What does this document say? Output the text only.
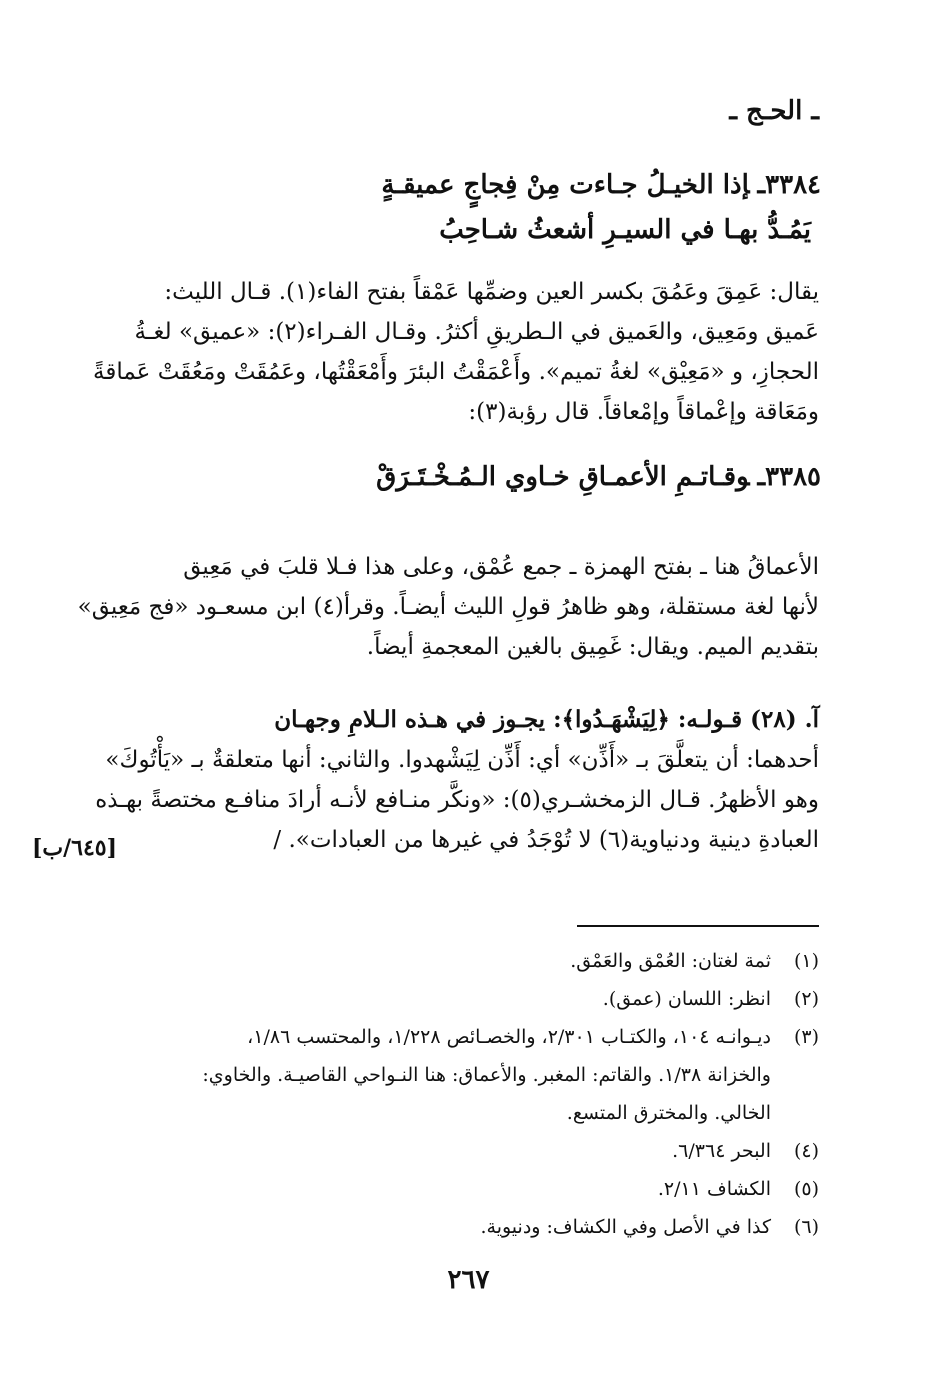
ـ الحـج ـ
٣٣٨٤ـإذا الخيـلُ جـاءت مِنْ فِجاجٍ عميقـةٍ
يَمُـدُّ بهـا في السيـرِ أشعثُ شـاحِبُ
يقال: عَمِقَ وعَمُقَ بكسر العين وضمِّها عَمْقاً بفتح الفاء(١). قـال الليث:
عَميق ومَعِيق، والعَميق في الـطريقِ أكثرُ. وقـال الفـراء(٢): «عميق» لغـةُ
الحجازِ، و «مَعِيْق» لغةُ تميم». وأَعْمَقْتُ البئرَ وأَمْعَقْتُها، وعَمُقَتْ ومَعُقَتْ عَماقةً
ومَعَاقة وإعْماقاً وإمْعاقاً. قال رؤبة(٣):
٣٣٨٥ـوقـاتـمِ الأعمـاقِ خـاوي الـمُـخْـتَـرَقْ
الأعماقُ هنا ـ بفتح الهمزة ـ جمع عُمْق، وعلى هذا فـلا قلبَ في مَعِيق
لأنها لغة مستقلة، وهو ظاهرُ قولِ الليث أيضـاً. وقرأ(٤) ابن مسعـود «فج مَعِيق»
بتقديم الميم. ويقال: غَمِيق بالغين المعجمةِ أيضاً.
آ. (٢٨) قـولـه: ﴿لِيَشْهَـدُوا﴾: يجـوز في هـذه الـلامِ وجهـان
أحدهما: أن يتعلَّقَ بـ «أَذِّن» أي: أَذِّن لِيَشْهدوا. والثاني: أنها متعلقةٌ بـ «يَأْتُوكَ»
وهو الأظهرُ. قـال الزمخشـري(٥): «ونكَّر منـافع لأنـه أرادَ منافـع مختصةً بهـذه
العبادةِ دينية ودنياوية(٦) لا تُوْجَدُ في غيرها من العبادات». /
[٦٤٥/ب]
(١)
ثمة لغتان: العُمْق والعَمْق.
(٢)
انظر: اللسان (عمق).
(٣)
ديـوانـه ١٠٤، والكتـاب ٢/٣٠١، والخصـائص ١/٢٢٨، والمحتسب ١/٨٦،
والخزانة ١/٣٨. والقاتم: المغبر. والأعماق: هنا النـواحي القاصيـة. والخاوي:
الخالي. والمخترق المتسع.
(٤)
البحر ٦/٣٦٤.
(٥)
الكشاف ٢/١١.
(٦)
كذا في الأصل وفي الكشاف: ودنيوية.
٢٦٧
